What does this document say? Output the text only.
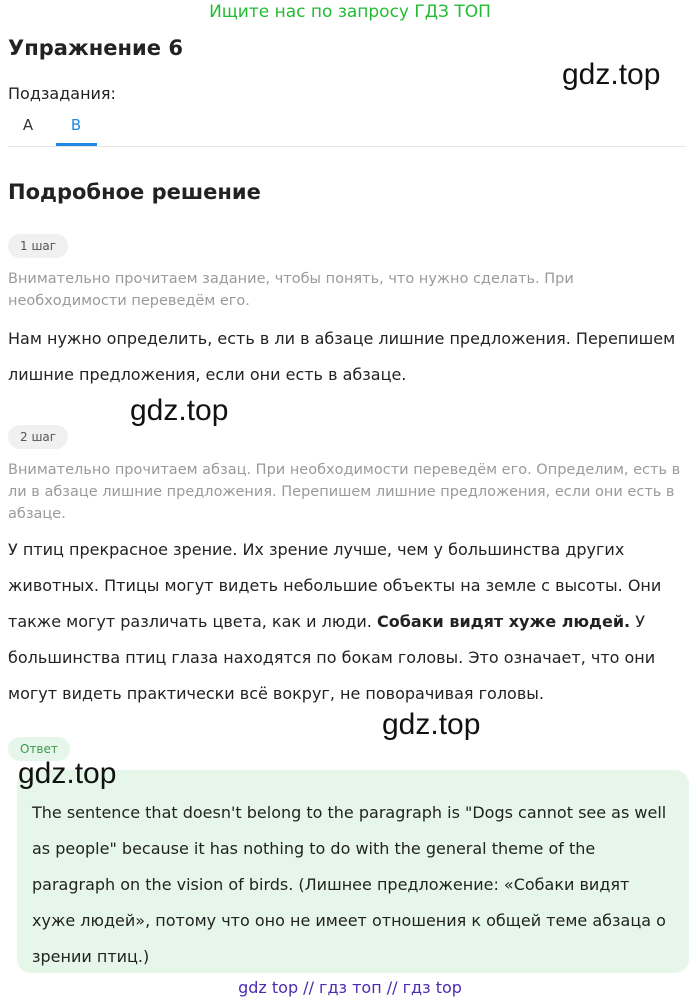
Ищите нас по запросу ГДЗ ТОП
Упражнение 6
gdz.top
Подзадания:
A	B
Подробное решение
1 шаг
Внимательно прочитаем задание, чтобы понять, что нужно сделать. При необходимости переведём его.
Нам нужно определить, есть в ли в абзаце лишние предложения. Перепишем лишние предложения, если они есть в абзаце.
gdz.top
2 шаг
Внимательно прочитаем абзац. При необходимости переведём его. Определим, есть в ли в абзаце лишние предложения. Перепишем лишние предложения, если они есть в абзаце.
У птиц прекрасное зрение. Их зрение лучше, чем у большинства других животных. Птицы могут видеть небольшие объекты на земле с высоты. Они также могут различать цвета, как и люди. Собаки видят хуже людей. У большинства птиц глаза находятся по бокам головы. Это означает, что они могут видеть практически всё вокруг, не поворачивая головы.
gdz.top
Ответ
The sentence that doesn't belong to the paragraph is "Dogs cannot see as well as people" because it has nothing to do with the general theme of the paragraph on the vision of birds. (Лишнее предложение: «Собаки видят хуже людей», потому что оно не имеет отношения к общей теме абзаца о зрении птиц.)
gdz.top
gdz top // гдз топ // гдз top
